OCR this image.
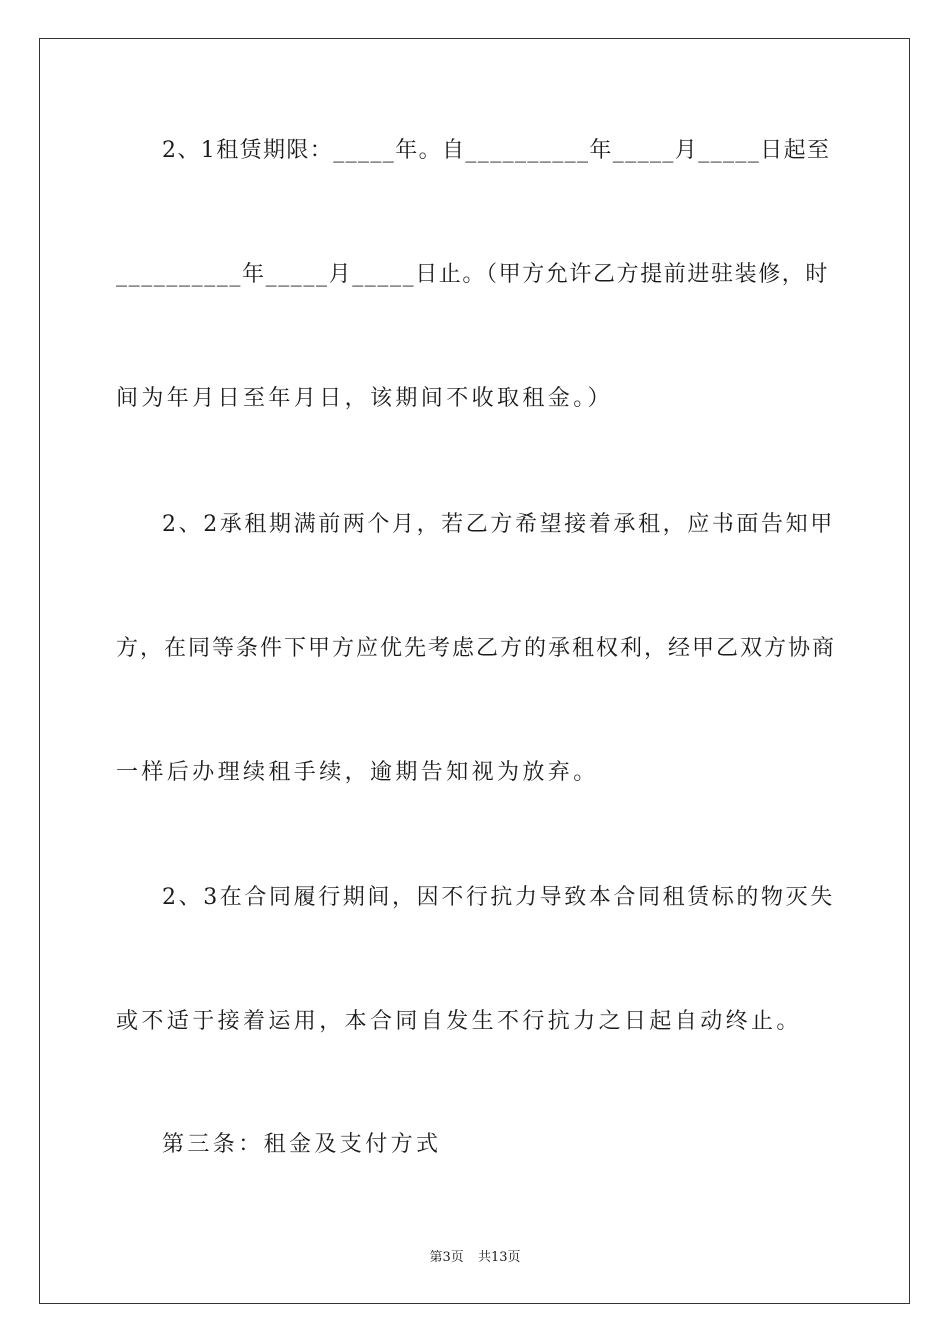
2、1租赁期限：_____年。自__________年_____月_____日起至
__________年_____月_____日止。（甲方允许乙方提前进驻装修，时
间为年月日至年月日，该期间不收取租金。）
2、2承租期满前两个月，若乙方希望接着承租，应书面告知甲
方，在同等条件下甲方应优先考虑乙方的承租权利，经甲乙双方协商
一样后办理续租手续，逾期告知视为放弃。
2、3在合同履行期间，因不行抗力导致本合同租赁标的物灭失
或不适于接着运用，本合同自发生不行抗力之日起自动终止。
第三条：租金及支付方式
第3页 共13页
